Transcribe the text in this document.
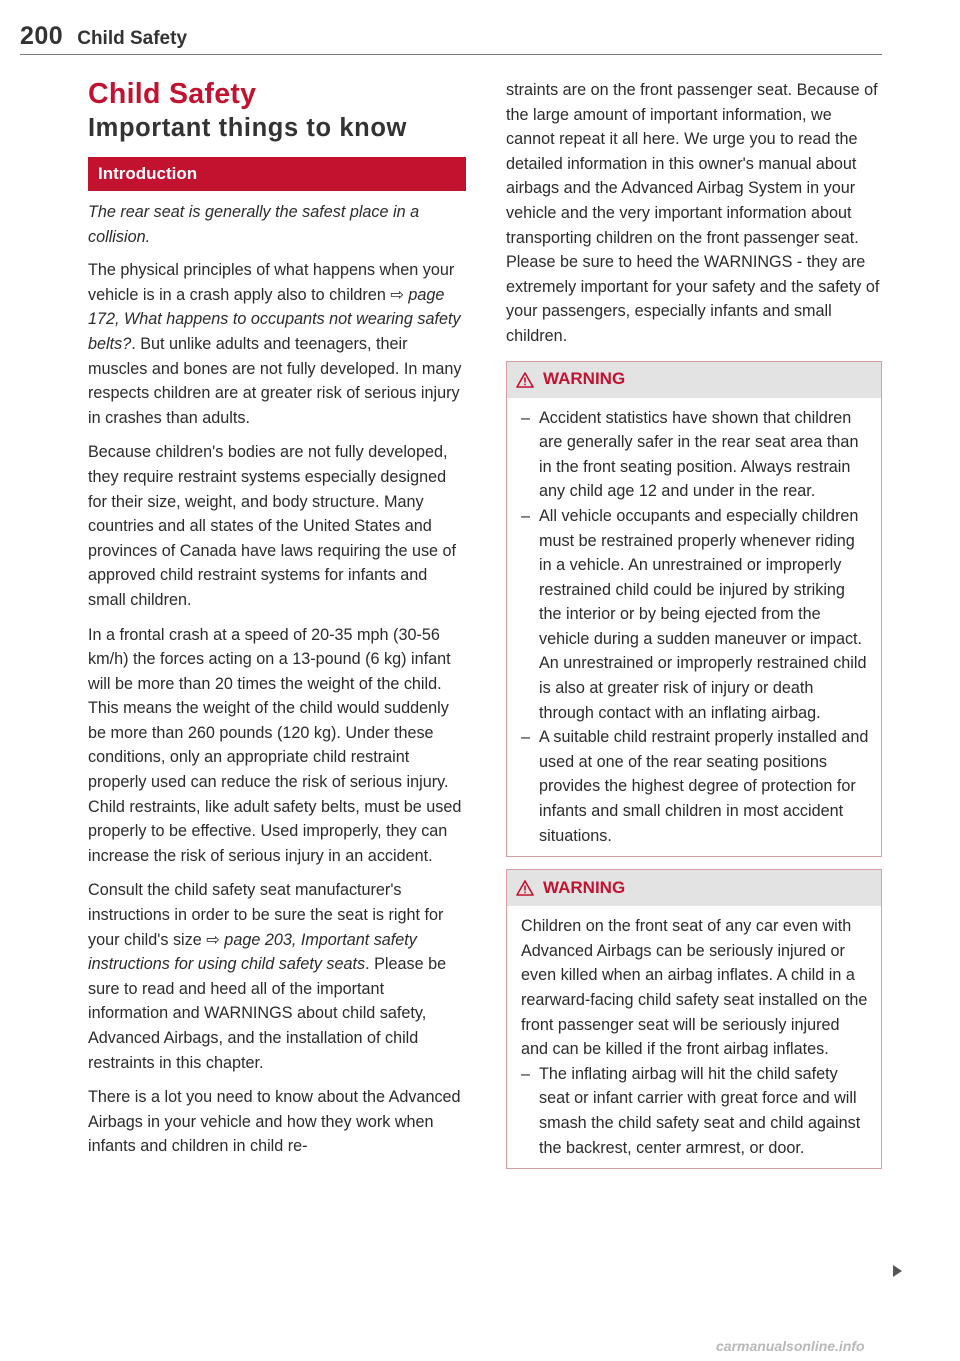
200 Child Safety
Child Safety
Important things to know
Introduction

The rear seat is generally the safest place in a collision.

The physical principles of what happens when your vehicle is in a crash apply also to children ⇨ page 172, What happens to occupants not wearing safety belts?. But unlike adults and teenagers, their muscles and bones are not fully developed. In many respects children are at greater risk of serious injury in crashes than adults.

Because children's bodies are not fully developed, they require restraint systems especially designed for their size, weight, and body structure. Many countries and all states of the United States and provinces of Canada have laws requiring the use of approved child restraint systems for infants and small children.

In a frontal crash at a speed of 20-35 mph (30-56 km/h) the forces acting on a 13-pound (6 kg) infant will be more than 20 times the weight of the child. This means the weight of the child would suddenly be more than 260 pounds (120 kg). Under these conditions, only an appropriate child restraint properly used can reduce the risk of serious injury. Child restraints, like adult safety belts, must be used properly to be effective. Used improperly, they can increase the risk of serious injury in an accident.

Consult the child safety seat manufacturer's instructions in order to be sure the seat is right for your child's size ⇨ page 203, Important safety instructions for using child safety seats. Please be sure to read and heed all of the important information and WARNINGS about child safety, Advanced Airbags, and the installation of child restraints in this chapter.

There is a lot you need to know about the Advanced Airbags in your vehicle and how they work when infants and children in child re-

straints are on the front passenger seat. Because of the large amount of important information, we cannot repeat it all here. We urge you to read the detailed information in this owner's manual about airbags and the Advanced Airbag System in your vehicle and the very important information about transporting children on the front passenger seat. Please be sure to heed the WARNINGS - they are extremely important for your safety and the safety of your passengers, especially infants and small children.

WARNING
– Accident statistics have shown that children are generally safer in the rear seat area than in the front seating position. Always restrain any child age 12 and under in the rear.
– All vehicle occupants and especially children must be restrained properly whenever riding in a vehicle. An unrestrained or improperly restrained child could be injured by striking the interior or by being ejected from the vehicle during a sudden maneuver or impact. An unrestrained or improperly restrained child is also at greater risk of injury or death through contact with an inflating airbag.
– A suitable child restraint properly installed and used at one of the rear seating positions provides the highest degree of protection for infants and small children in most accident situations.
WARNING

Children on the front seat of any car even with Advanced Airbags can be seriously injured or even killed when an airbag inflates. A child in a rearward-facing child safety seat installed on the front passenger seat will be seriously injured and can be killed if the front airbag inflates.

– The inflating airbag will hit the child safety seat or infant carrier with great force and will smash the child safety seat and child against the backrest, center armrest, or door.
carmanualsonline.info
